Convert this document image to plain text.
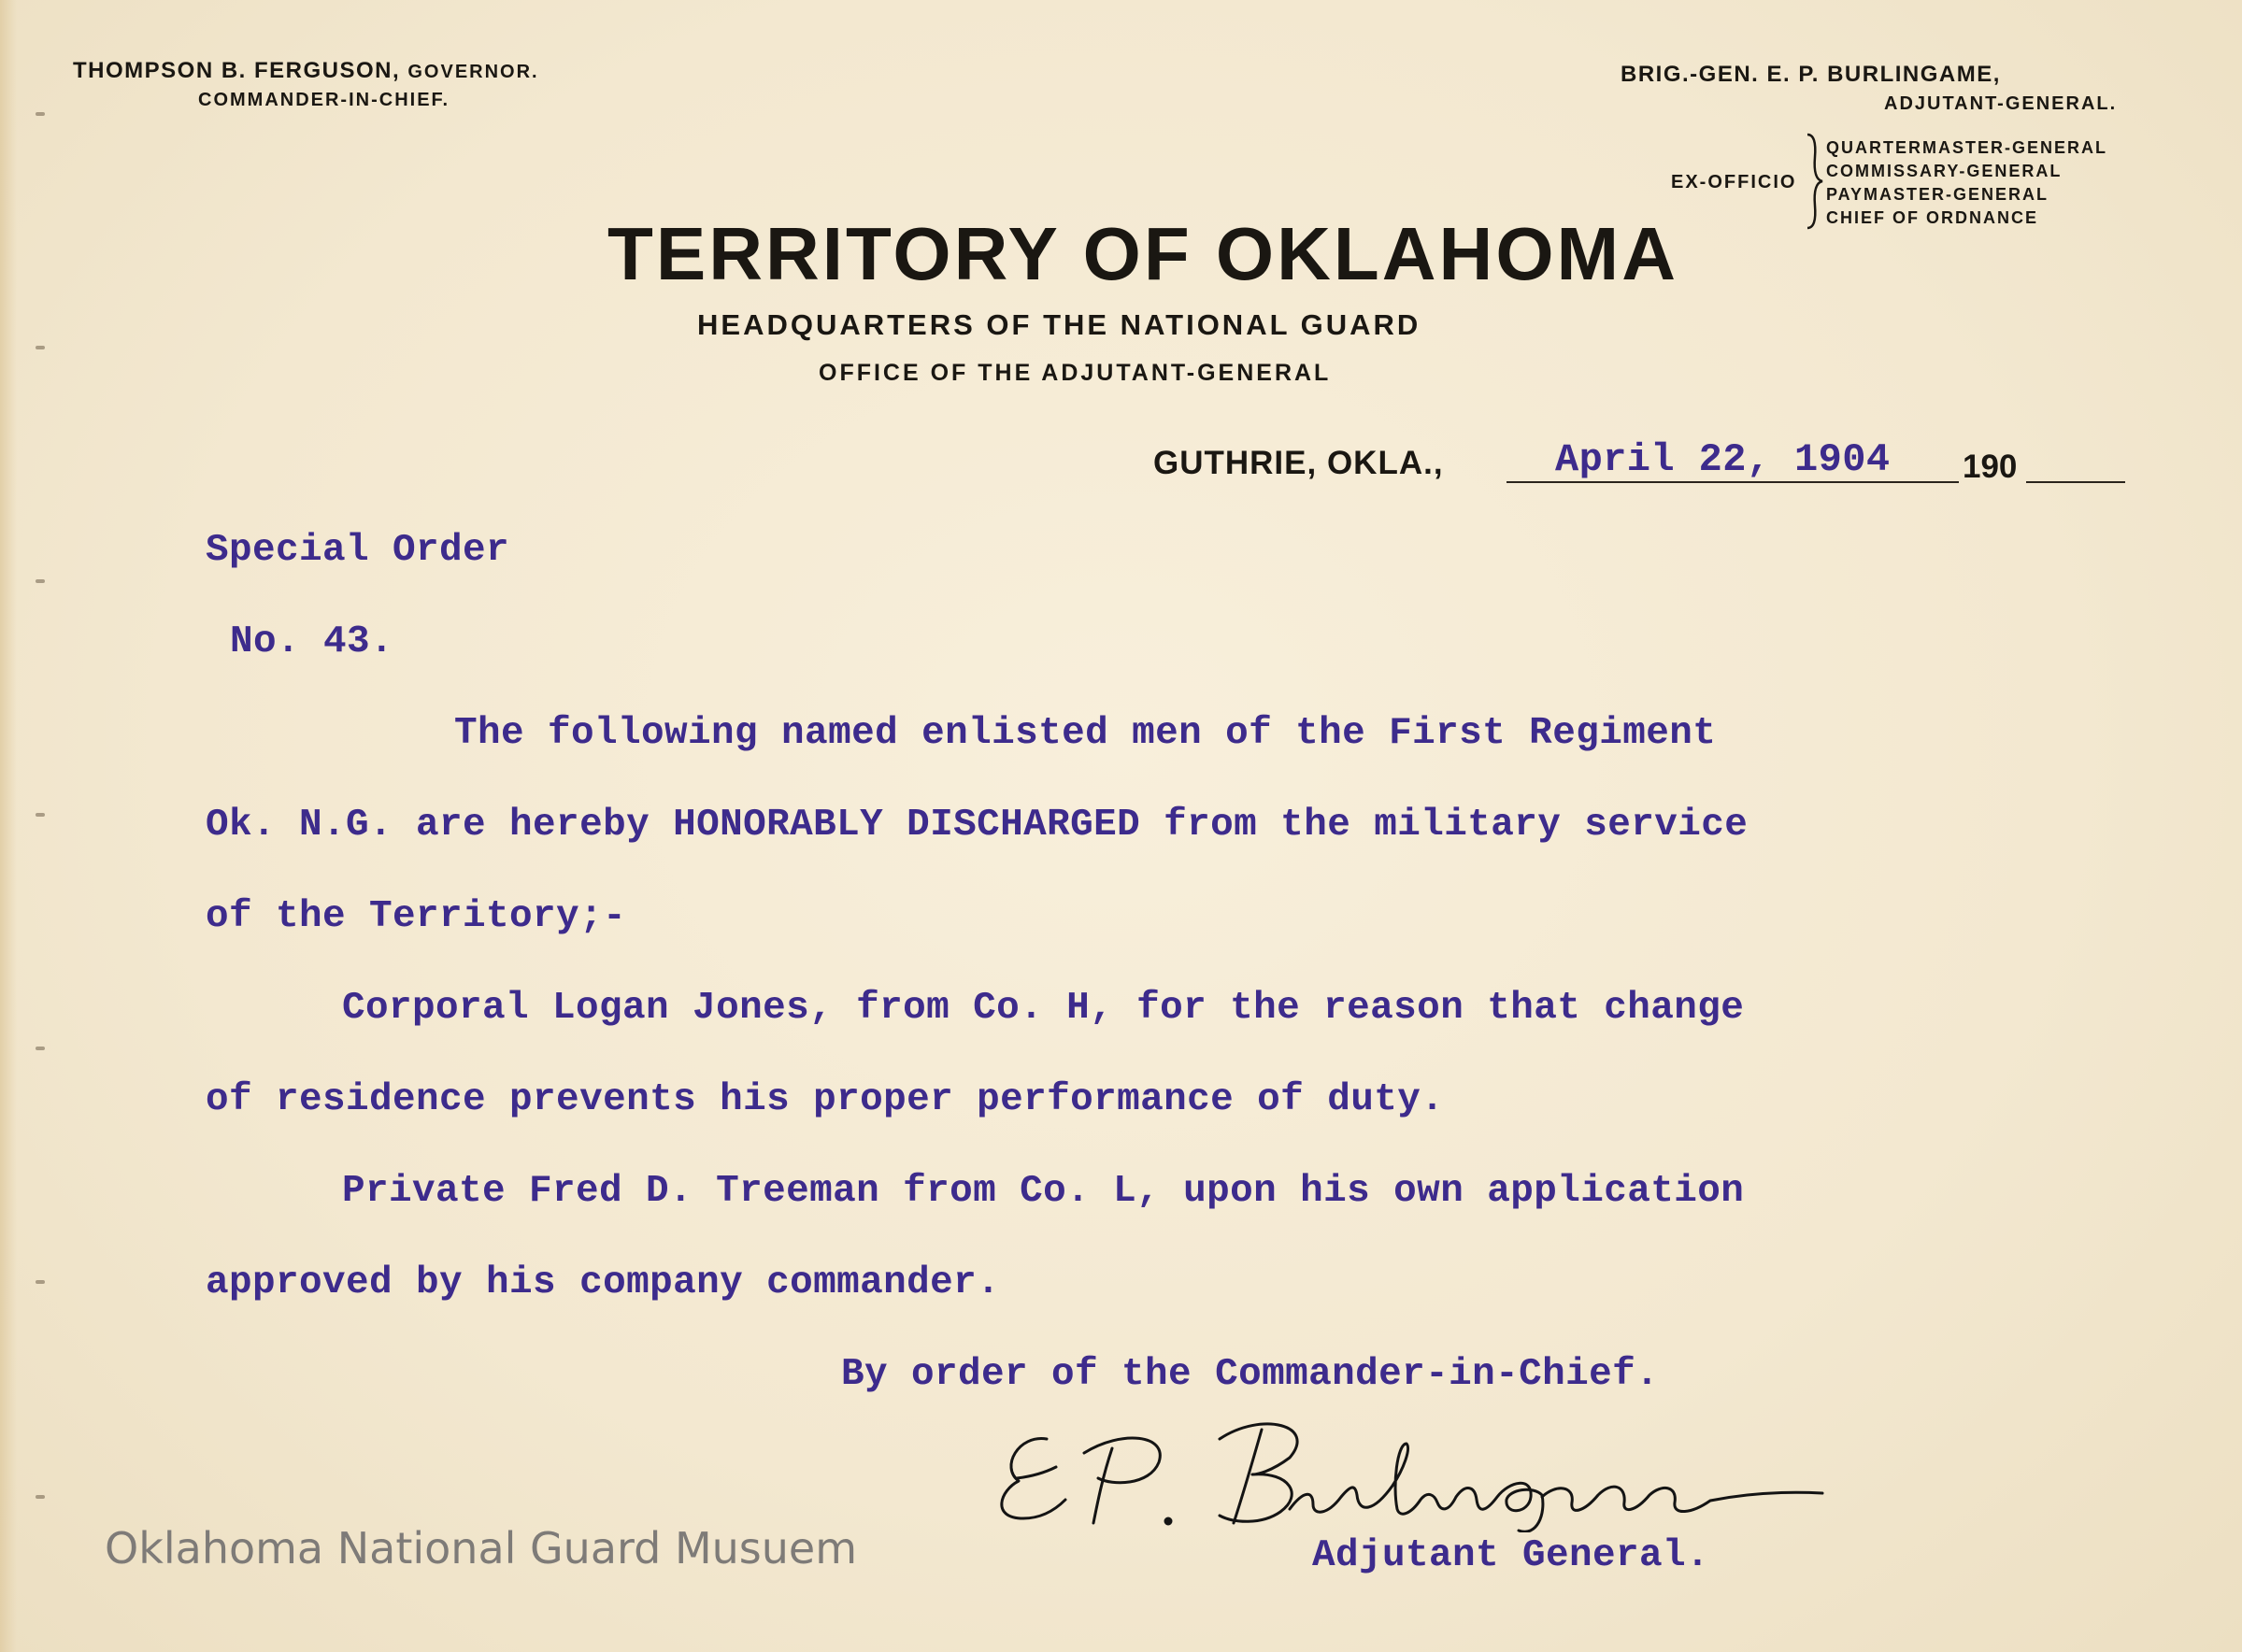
THOMPSON B. FERGUSON, GOVERNOR.
COMMANDER-IN-CHIEF.
BRIG.-GEN. E. P. BURLINGAME,
ADJUTANT-GENERAL.
EX-OFFICIO
QUARTERMASTER-GENERAL
COMMISSARY-GENERAL
PAYMASTER-GENERAL
CHIEF OF ORDNANCE
TERRITORY OF OKLAHOMA
HEADQUARTERS OF THE NATIONAL GUARD
OFFICE OF THE ADJUTANT-GENERAL
GUTHRIE, OKLA.,	April 22, 1904 190
Special Order
No. 43.
The following named enlisted men of the First Regiment
Ok. N.G. are hereby HONORABLY DISCHARGED from the military service
of the Territory;-
Corporal Logan Jones, from Co. H, for the reason that change
of residence prevents his proper performance of duty.
Private Fred D. Treeman from Co. L, upon his own application
approved by his company commander.
By order of the Commander-in-Chief.
Adjutant General.
Oklahoma National Guard Musuem
